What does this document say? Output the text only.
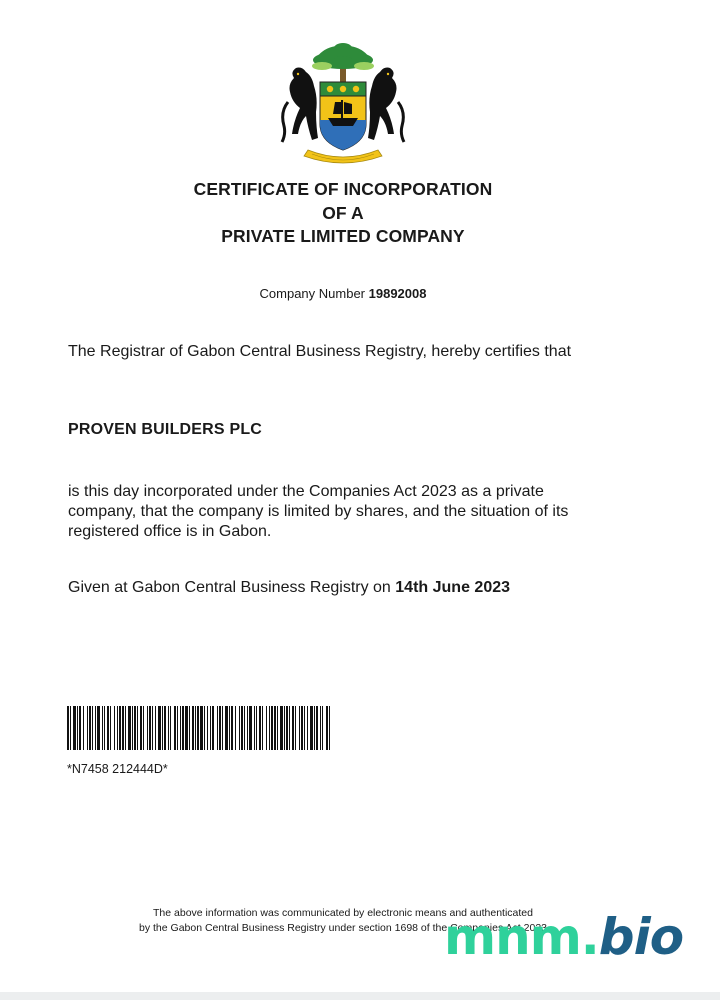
CERTIFICATE OF INCORPORATION
OF A
PRIVATE LIMITED COMPANY
Company Number 19892008
The Registrar of Gabon Central Business Registry, hereby certifies that
PROVEN BUILDERS PLC
is this day incorporated under the Companies Act 2023 as a private company, that the company is limited by shares, and the situation of its registered office is in Gabon.
Given at Gabon Central Business Registry on 14th June 2023
*N7458 212444D*
The above information was communicated by electronic means and authenticated
by the Gabon Central Business Registry under section 1698 of the Companies Act 2023
mnm.bio
